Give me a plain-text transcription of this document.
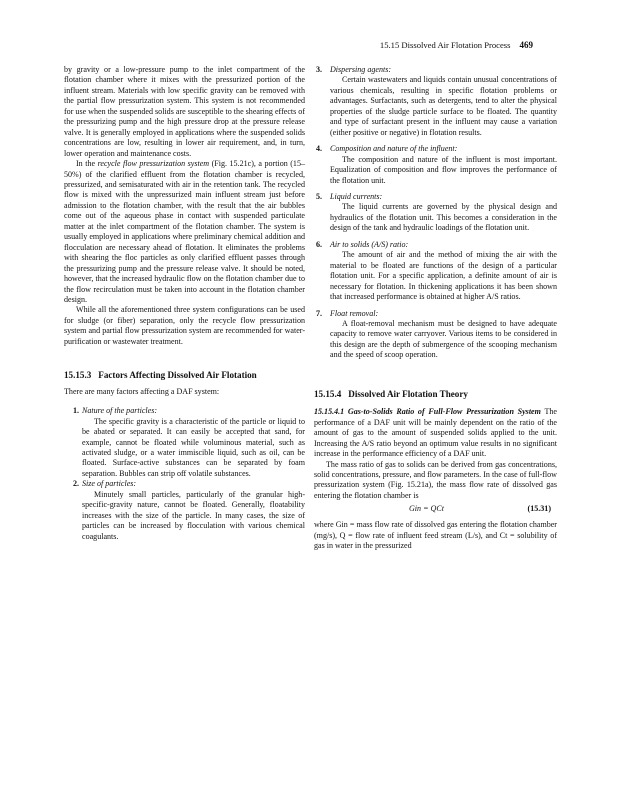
15.15 Dissolved Air Flotation Process 469

by gravity or a low-pressure pump to the inlet compartment of the flotation chamber where it mixes with the pressurized portion of the influent stream. Materials with low specific gravity can be removed with the partial flow pressurization system. This system is not recommended for use when the suspended solids are susceptible to the shearing effects of the pressurizing pump and the high pressure drop at the pressure release valve. It is generally employed in applications where the suspended solids concentrations are low, resulting in lower air requirement, and, in turn, lower operation and maintenance costs.

In the recycle flow pressurization system (Fig. 15.21c), a portion (15–50%) of the clarified effluent from the flotation chamber is recycled, pressurized, and semisaturated with air in the retention tank. The recycled flow is mixed with the unpressurized main influent stream just before admission to the flotation chamber, with the result that the air bubbles come out of the aqueous phase in contact with suspended particulate matter at the inlet compartment of the flotation chamber. The system is usually employed in applications where preliminary chemical addition and flocculation are necessary ahead of flotation. It eliminates the problems with shearing the floc particles as only clarified effluent passes through the pressurizing pump and the pressure release valve. It should be noted, however, that the increased hydraulic flow on the flotation chamber due to the flow recirculation must be taken into account in the flotation chamber design.

While all the aforementioned three system configurations can be used for sludge (or fiber) separation, only the recycle flow pressurization system and partial flow pressurization system are recommended for water-purification or wastewater treatment.

15.15.3 Factors Affecting Dissolved Air Flotation

There are many factors affecting a DAF system:

1. Nature of the particles:

The specific gravity is a characteristic of the particle or liquid to be abated or separated. It can easily be accepted that sand, for example, cannot be floated while voluminous material, such as activated sludge, or a water immiscible liquid, such as oil, can be floated. Surface-active substances can be separated by foam separation. Bubbles can strip off volatile substances.

2. Size of particles:

Minutely small particles, particularly of the granular high-specific-gravity nature, cannot be floated. Generally, floatability increases with the size of the particle. In many cases, the size of particles can be increased by flocculation with various chemical coagulants.

3. Dispersing agents:

Certain wastewaters and liquids contain unusual concentrations of various chemicals, resulting in specific flotation problems or advantages. Surfactants, such as detergents, tend to alter the physical properties of the sludge particle surface to be floated. The quantity and type of surfactant present in the influent may cause a variation (either positive or negative) in flotation results.

4. Composition and nature of the influent:

The composition and nature of the influent is most important. Equalization of composition and flow improves the performance of the flotation unit.

5. Liquid currents:

The liquid currents are governed by the physical design and hydraulics of the flotation unit. This becomes a consideration in the design of the tank and hydraulic loadings of the flotation unit.

6. Air to solids (A/S) ratio:

The amount of air and the method of mixing the air with the material to be floated are functions of the design of a particular flotation unit. For a specific application, a definite amount of air is necessary for flotation. In thickening applications it has been shown that increased performance is obtained at higher A/S ratios.

7. Float removal:

A float-removal mechanism must be designed to have adequate capacity to remove water carryover. Various items to be considered in this design are the depth of submergence of the scooping mechanism and the speed of scoop operation.

15.15.4 Dissolved Air Flotation Theory

15.15.4.1 Gas-to-Solids Ratio of Full-Flow Pressurization System The performance of a DAF unit will be mainly dependent on the ratio of the amount of gas to the amount of suspended solids applied to the unit. Increasing the A/S ratio beyond an optimum value results in no significant increase in the performance efficiency of a DAF unit.

The mass ratio of gas to solids can be derived from gas concentrations, solid concentrations, pressure, and flow parameters. In the case of full-flow pressurization system (Fig. 15.21a), the mass flow rate of dissolved gas entering the flotation chamber is

Gin = QCt	(15.31)

where Gin = mass flow rate of dissolved gas entering the flotation chamber (mg/s), Q = flow rate of influent feed stream (L/s), and Ct = solubility of gas in water in the pressurized
